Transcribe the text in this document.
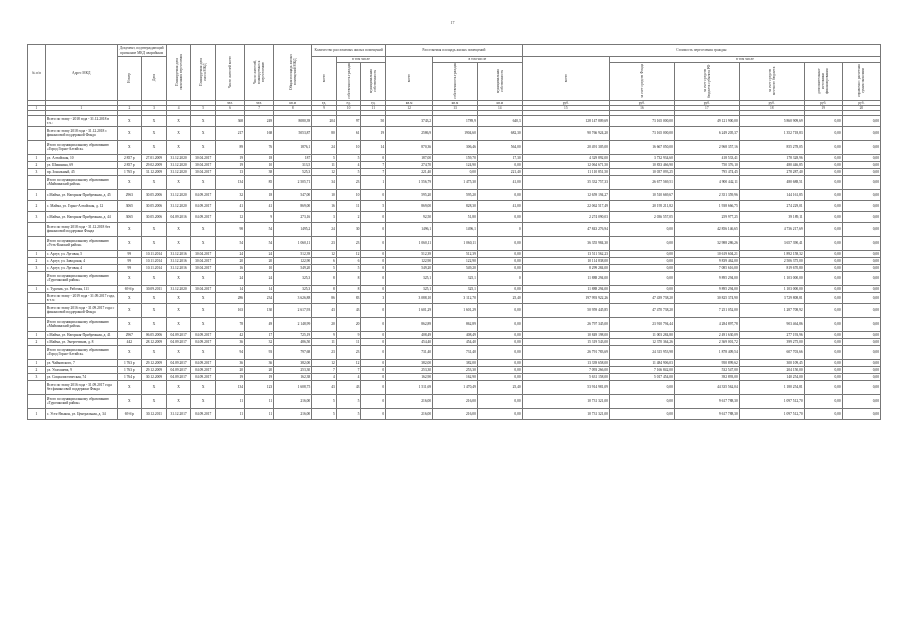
17
№ п/п	Адрес МКД	Документ, подтверждающий признание МКД аварийным		Планируемая дата окончания переселения	Планируемая дата сноса МКД	Число жителей всего	Число жителей, планируемых к переселению	Общая площадь жилых помещений МКД	Количество расселяемых жилых помещений			Расселяемая площадь жилых помещений			Стоимость переселения граждан					
		Номер	Дата						всего	в том числе		всего	в том числе		всего	в том числе				
										собственность граждан	муниципальная собственность		собственность граждан	муниципальная собственность		за счет средств Фонда	за счет средств бюджета субъекта РФ	за счет средств местного бюджета	дополнительные источники финансирования	справочно: расчетная сумма экономии
						чел.	чел.	кв.м	ед.	ед.	ед.	кв.м	кв.м	кв.м	руб.	руб.	руб.	руб.	руб.	руб.
1	1	2	3	4	5	6	7	8	9	10	11	12	13	14	15	16	17	18	19	20

	Всего по этапу - 2018 года - 31.12.2018 в т.ч.:	X	X	X	X	368	249	8080,39	204	97	50	3743,2	1789,9	640,3	128 147 809,69	73 165 000,00	49 121 900,00	5 860 909,69	0,00	0,00
	Всего по этапу 2018 года - 31.12.2018 с финансовой поддержкой Фонда	X	X	X	X	217	168	5053,87	80	61	19	2586,9	1904,60	682,30	90 766 924,20	73 165 000,00	6 249 205,37	1 352 718,83	0,00	0,00
	Итого по муниципальному образованию «Город Горно-Алтайск»	X	X	X	X	89	76	1876,1	24	10	14	870,36	306,46	564,00	20 491 305,00	16 667 050,00	2 968 357,16	855 278,05	0,00	0,00
1	ул. Алтайская, 10	2 857 р	27.01.2009	31.12.2020	30.04.2017	19	18	187	5	5	0	187,00	159,70	17,30	4 329 892,00	3 732 934,60	418 533,41	178 328,96	0,00	0,00
2	ул. Шишкина, 69	2 857 р	29.02.2009	31.12.2020	30.04.2017	19	10	313,5	11	4	7	274,70	124,90	0,00	12 064 671,50	10 833 466,90	750 376,10	480 446,85	0,00	0,00
3	пр. Зональный, 45	1 765 р	31.12.2009	31.12.2020	30.04.2017	13	38	525,3	12	5	7	221,40	0,00	221,40	11 110 851,50	10 037 093,25	795 474,45	278 287,40	0,00	0,00
	Итого по муниципальному образованию «Майминский район»	X	X	X	X	134	85	2 505,71	34	23	1	1 556,79	1 475,30	41,00	35 332 757,33	26 677 569,51	4 900 442,11	480 688,51	0,00	0,00
1	с.Майма, ул. Нагорная-Прибрежная, д. 45	2963	30.05.2006	31.12.2020	04.09.2017	32	18	547,00	10	10	0	595,20	595,20	0,00	12 659 194,27	10 510 669,67	2 351 359,96	144 161,85	0,00	0,00
2	с. Майма, ул. Горно-Алтайская, д. 12	3065	30.05.2006	31.12.2020	04.09.2017	41	41	869,00	16	11	5	869,00	828,30	41,00	22 062 517,49	20 195 211,82	1 938 666,75	274 229,01	0,00	0,00
3	с.Майма, ул. Нагорная-Прибрежная, д. 44	3065	30.05.2006	04.09.2016	04.09.2017	12	9	273,16	3	2	0	92,50	51,80	0,00	2 274 090,03	2 036 557,05	259 977,25	39 189,11	0,00	0,00
	Всего по этапу 2018 года - 31.12.2018 без финансовой поддержки Фонда	X	X	X	X	98	54	1495,2	24	30	0	1496,1	1496,1	0	47 843 276,94	0,00	42 856 146,65	4 736 217,69	0,00	0,00
	Итого по муниципальному образованию «Усть-Канский район»	X	X	X	X	54	54	1 060,11	23	23	0	1 060,11	1 060,11	0,00	36 355 984,30	0,00	32 988 286,26	3 657 390,41	0,00	0,00
1	с. Аргут, ул. Луговая, 5	99	10.11.2014	31.12.2016	30.04.2017	24	24	512,39	12	12	0	512,39	512,39	0,00	13 511 562,23	0,00	10 619 604,21	1 892 158,32	0,00	0,00
2	с. Аргут, ул. Заводская, 4	99	10.11.2014	31.12.2016	30.04.2017	20	20	122,90	6	6	0	122,90	122,90	0,00	10 114 838,00	0,00	9 839 462,00	2 506 375,00	0,00	0,00
3	с. Аргут, ул. Луговая, 4	99	10.11.2014	31.12.2016	30.04.2017	16	10	549,20	5	5	0	549,20	549,20	0,00	8 299 284,00	0,00	7 085 616,00	819 670,80	0,00	0,00
	Итого по муниципальному образованию «Турочакский район»	X	X	X	X	24	24	325,3	8	8	0	325,1	325,1	0	11 888 294,00	0,00	9 895 294,00	1 103 000,00	0,00	0,00
1	с. Турочак, ул. Рабочая, 111	69 б/р	30.09.2011	31.12.2020	30.04.2017	14	14	325,3	8	8	0	325,1	325,1	0,00	11 888 294,00	0,00	9 895 294,00	1 103 000,00	0,00	0,00
	Всего по этапу - 2019 года - 31.09.2017 года, в т.ч.:	X	X	X	X	286	234	3 626,88	86	83	3	3 088,10	3 112,70	25,40	197 993 922,26	47 439 738,20	30 825 374,90	3 729 808,81	0,00	0,00
	Всего по этапу 2016 года - 31.09.2017 года с финансовой поддержкой Фонда	X	X	X	X	163	130	2 617,93	43	43	0	1 601,29	1 601,29	0,00	50 959 445,85	47 470 738,20	7 251 052,00	1 287 708,92	0,00	0,00
	Итого по муниципальному образованию «Майминский район»	X	X	X	X	78	49	2 148,99	20	20	0	862,89	862,89	0,00	26 797 345,00	23 910 794,44	4 284 897,78	903 464,86	0,00	0,00
1	с.Майма, ул. Нагорная-Прибрежная, д. 41	2967	06.05.2006	04.09.2017	04.09.2017	42	17	725,19	9	9	0	408,49	408,49	0,00	10 849 198,00	11 003 284,80	2 491 630,09	277 193,96	0,00	0,00
2	с.Майма, ул. Энергетиков, д. 8	442	28.12.2009	04.09.2017	04.09.2017	36	32	486,50	11	11	0	454,40	454,40	0,00	15 319 543,00	12 370 364,26	2 369 001,72	399 275,00	0,00	0,00
	Итого по муниципальному образованию «Город Горно-Алтайск»	X	X	X	X	94	93	797,68	23	23	0	731,40	731,40	0,00	26 791 783,69	24 315 953,98	1 878 409,54	607 703,66	0,00	0,00
1	ул. Чайковского, 7	1 763 р	29.12.2009	04.09.2017	04.09.2017	36	36	382,00	12	12	0	382,00	382,00	0,00	13 339 658,00	11 484 906,03	950 899,62	300 109,45	0,00	0,00
2	ул. Улагашева, 9	1 763 р	29.12.2009	04.09.2017	04.09.2017	20	20	253,30	7	7	0	253,30	253,30	0,00	7 093 266,00	7 166 842,00	532 547,00	204 150,00	0,00	0,00
3	ул. Социалистическая, 74	1 764 р	30.12.2009	04.09.2017	04.09.2017	19	19	162,38	4	4	0	162,90	162,90	0,00	5 631 158,00	5 017 454,00	392 893,00	140 254,00	0,00	0,00
	Всего по этапу 2016 года - 31.09.2017 года без финансовой поддержки Фонда	X	X	X	X	134	123	1 608,75	43	43	0	1 511,69	1 470,49	25,40	53 914 981,09	0,00	44 335 562,04	1 180 254,81	0,00	0,00
	Итого по муниципальному образованию «Турочакский район»	X	X	X	X	11	11	216,00	5	5	0	216,00	216,00	0,00	10 731 321,00	0,00	9 617 788,30	1 097 512,70	0,00	0,00
1	с. Усть-Языкон, ул. Центральная, д. 34	69 б/р	30.12.2011	31.12.2017	04.09.2017	11	11	216,00	5	5	0	216,00	216,00	0,00	10 731 321,00	0,00	9 617 788,30	1 097 512,70	0,00	0,00
